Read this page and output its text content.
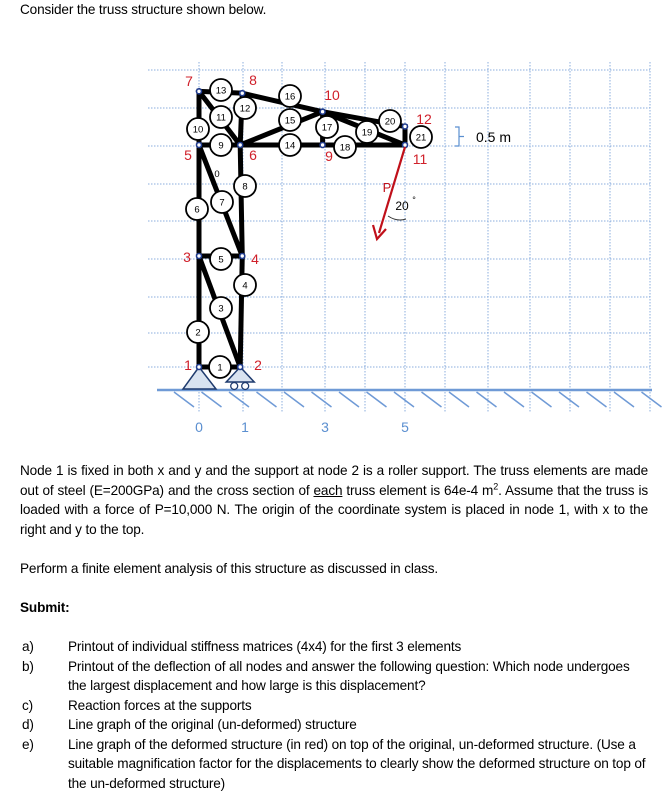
Consider the truss structure shown below.
0	1	3	5
1
2
3
4
5
6
7
8
9
10
11
12
13
14
15
16
17
18
19
20
21
0
1	2
3	4
5	6
7	8
9
10
11
12
P
20 °
0.5 m
Node 1 is fixed in both x and y and the support at node 2 is a roller support. The truss elements are made out of steel (E=200GPa) and the cross section of each truss element is 64e-4 $m^2$. Assume that the truss is loaded with a force of P=10,000 N. The origin of the coordinate system is placed in node 1, with x to the right and y to the top.
Perform a finite element analysis of this structure as discussed in class.
Submit:
a)	Printout of individual stiffness matrices (4x4) for the first 3 elements
b)	Printout of the deflection of all nodes and answer the following question: Which node undergoes the largest displacement and how large is this displacement?
c)	Reaction forces at the supports
d)	Line graph of the original (un-deformed) structure
e)	Line graph of the deformed structure (in red) on top of the original, un-deformed structure. (Use a suitable magnification factor for the displacements to clearly show the deformed structure on top of the un-deformed structure)
